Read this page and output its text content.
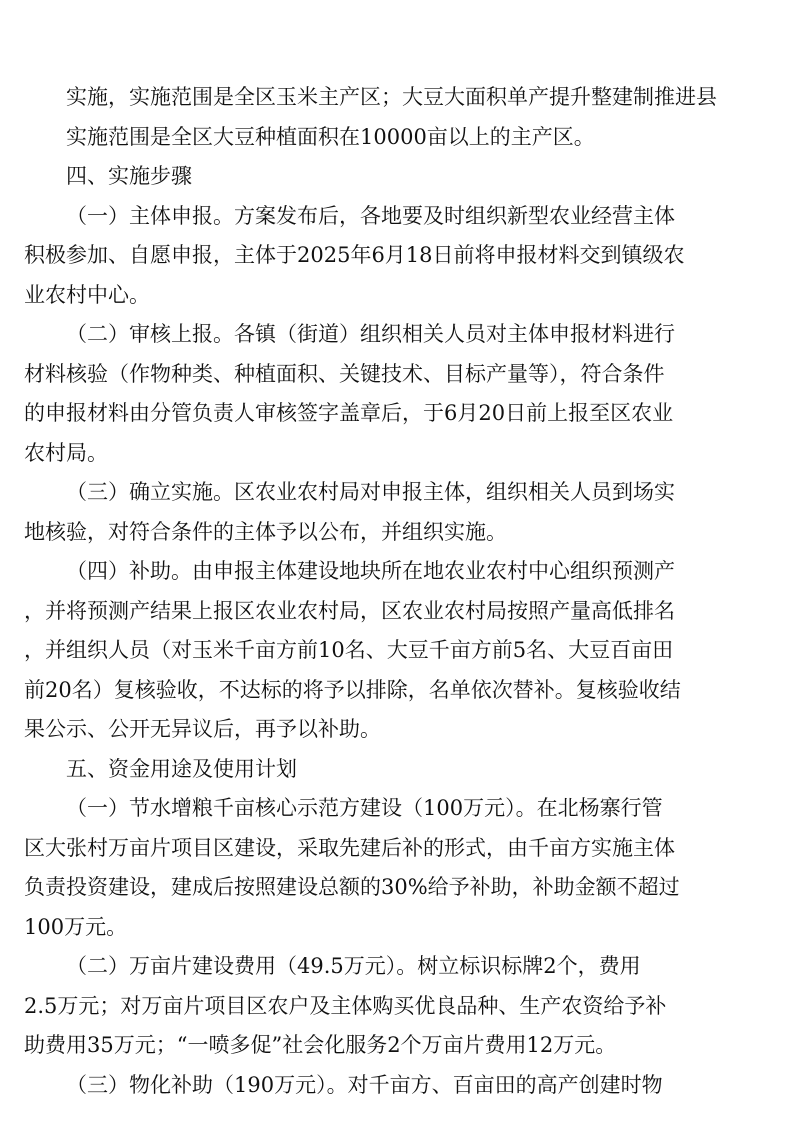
实施，实施范围是全区玉米主产区；大豆大面积单产提升整建制推进县
实施范围是全区大豆种植面积在10000亩以上的主产区。

四、实施步骤

（一）主体申报。方案发布后，各地要及时组织新型农业经营主体
积极参加、自愿申报，主体于2025年6月18日前将申报材料交到镇级农
业农村中心。

（二）审核上报。各镇（街道）组织相关人员对主体申报材料进行
材料核验（作物种类、种植面积、关键技术、目标产量等），符合条件
的申报材料由分管负责人审核签字盖章后，于6月20日前上报至区农业
农村局。

（三）确立实施。区农业农村局对申报主体，组织相关人员到场实
地核验，对符合条件的主体予以公布，并组织实施。

（四）补助。由申报主体建设地块所在地农业农村中心组织预测产
，并将预测产结果上报区农业农村局，区农业农村局按照产量高低排名
，并组织人员（对玉米千亩方前10名、大豆千亩方前5名、大豆百亩田
前20名）复核验收，不达标的将予以排除，名单依次替补。复核验收结
果公示、公开无异议后，再予以补助。

五、资金用途及使用计划

（一）节水增粮千亩核心示范方建设（100万元）。在北杨寨行管
区大张村万亩片项目区建设，采取先建后补的形式，由千亩方实施主体
负责投资建设，建成后按照建设总额的30%给予补助，补助金额不超过
100万元。

（二）万亩片建设费用（49.5万元）。树立标识标牌2个，费用
2.5万元；对万亩片项目区农户及主体购买优良品种、生产农资给予补
助费用35万元；“一喷多促”社会化服务2个万亩片费用12万元。

（三）物化补助（190万元）。对千亩方、百亩田的高产创建时物
